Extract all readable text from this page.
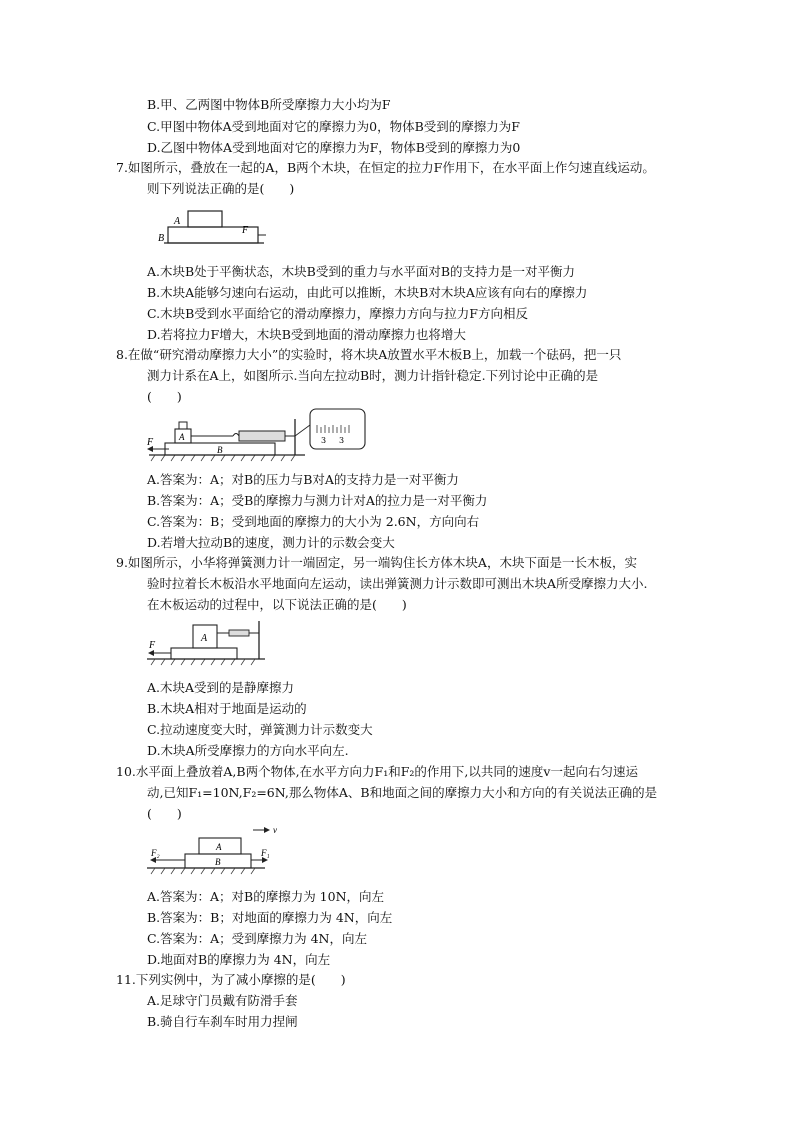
B.甲、乙两图中物体B所受摩擦力大小均为F
C.甲图中物体A受到地面对它的摩擦力为0，物体B受到的摩擦力为F
D.乙图中物体A受到地面对它的摩擦力为F，物体B受到的摩擦力为0
7.如图所示，叠放在一起的A，B两个木块，在恒定的拉力F作用下，在水平面上作匀速直线运动。
则下列说法正确的是(　　)
A
B
F
A.木块B处于平衡状态，木块B受到的重力与水平面对B的支持力是一对平衡力
B.木块A能够匀速向右运动，由此可以推断，木块B对木块A应该有向右的摩擦力
C.木块B受到水平面给它的滑动摩擦力，摩擦力方向与拉力F方向相反
D.若将拉力F增大，木块B受到地面的滑动摩擦力也将增大
8.在做“研究滑动摩擦力大小”的实验时，将木块A放置水平木板B上，加载一个砝码，把一只
测力计系在A上，如图所示.当向左拉动B时，测力计指针稳定.下列讨论中正确的是
(　　)
F	A
B
3 3
A.答案为：A；对B的压力与B对A的支持力是一对平衡力
B.答案为：A；受B的摩擦力与测力计对A的拉力是一对平衡力
C.答案为：B；受到地面的摩擦力的大小为 2.6N，方向向右
D.若增大拉动B的速度，测力计的示数会变大
9.如图所示，小华将弹簧测力计一端固定，另一端钩住长方体木块A，木块下面是一长木板，实
验时拉着长木板沿水平地面向左运动，读出弹簧测力计示数即可测出木块A所受摩擦力大小.
在木板运动的过程中，以下说法正确的是(　　)
F
A
A.木块A受到的是静摩擦力
B.木块A相对于地面是运动的
C.拉动速度变大时，弹簧测力计示数变大
D.木块A所受摩擦力的方向水平向左.
10.水平面上叠放着A,B两个物体,在水平方向力F₁和F₂的作用下,以共同的速度v一起向右匀速运
动,已知F₁=10N,F₂=6N,那么物体A、B和地面之间的摩擦力大小和方向的有关说法正确的是
(　　)
v
A
B
F₂	F₁
A.答案为：A；对B的摩擦力为 10N，向左
B.答案为：B；对地面的摩擦力为 4N，向左
C.答案为：A；受到摩擦力为 4N，向左
D.地面对B的摩擦力为 4N，向左
11.下列实例中，为了减小摩擦的是(　　)
A.足球守门员戴有防滑手套
B.骑自行车刹车时用力捏闸
